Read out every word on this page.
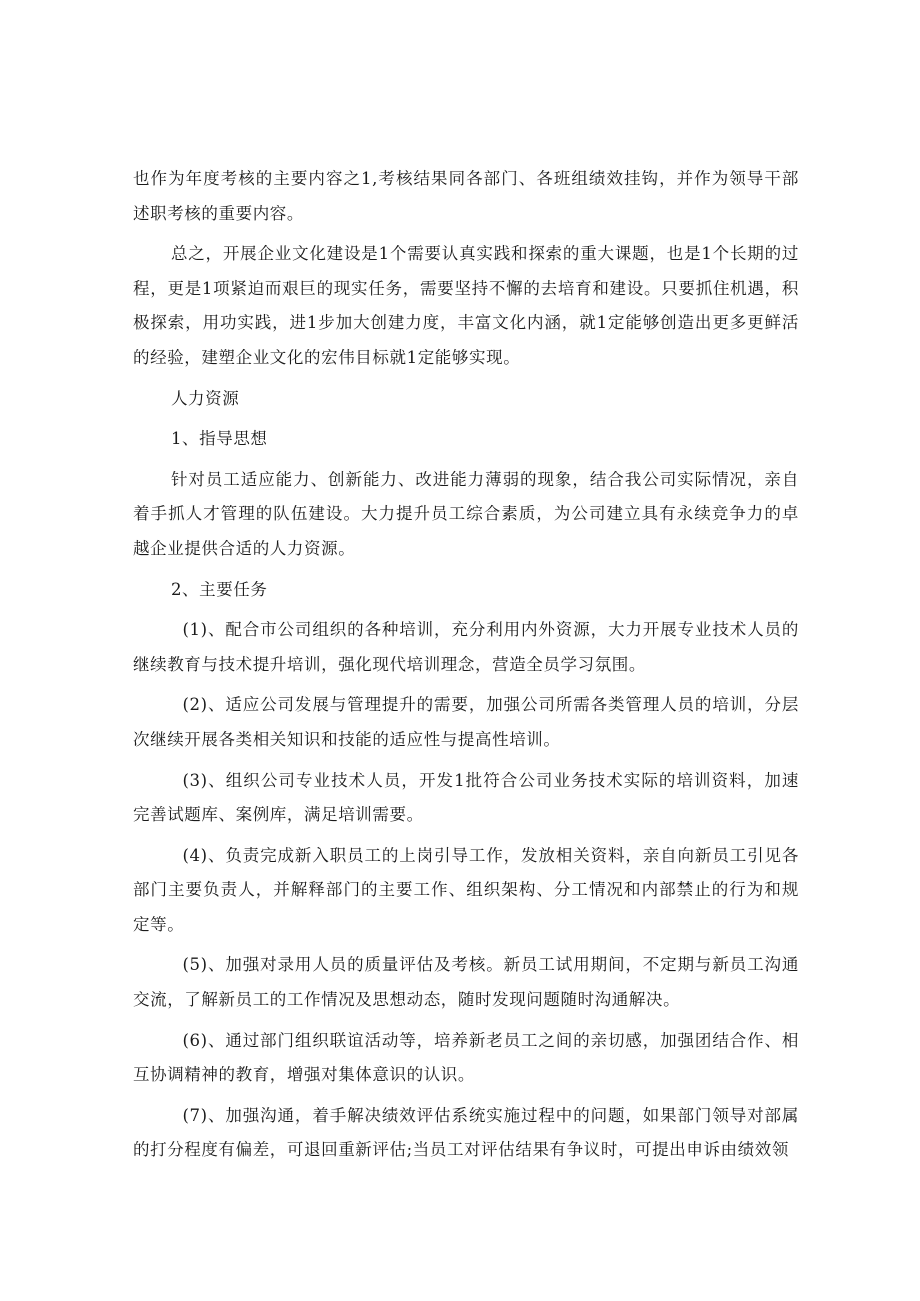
也作为年度考核的主要内容之1,考核结果同各部门、各班组绩效挂钩，并作为领导干部述职考核的重要内容。

总之，开展企业文化建设是1个需要认真实践和探索的重大课题，也是1个长期的过程，更是1项紧迫而艰巨的现实任务，需要坚持不懈的去培育和建设。只要抓住机遇，积极探索，用功实践，进1步加大创建力度，丰富文化内涵，就1定能够创造出更多更鲜活的经验，建塑企业文化的宏伟目标就1定能够实现。

人力资源

1、指导思想

针对员工适应能力、创新能力、改进能力薄弱的现象，结合我公司实际情况，亲自着手抓人才管理的队伍建设。大力提升员工综合素质，为公司建立具有永续竞争力的卓越企业提供合适的人力资源。

2、主要任务

(1)、配合市公司组织的各种培训，充分利用内外资源，大力开展专业技术人员的继续教育与技术提升培训，强化现代培训理念，营造全员学习氛围。

(2)、适应公司发展与管理提升的需要，加强公司所需各类管理人员的培训，分层次继续开展各类相关知识和技能的适应性与提高性培训。

(3)、组织公司专业技术人员，开发1批符合公司业务技术实际的培训资料，加速完善试题库、案例库，满足培训需要。

(4)、负责完成新入职员工的上岗引导工作，发放相关资料，亲自向新员工引见各部门主要负责人，并解释部门的主要工作、组织架构、分工情况和内部禁止的行为和规定等。

(5)、加强对录用人员的质量评估及考核。新员工试用期间，不定期与新员工沟通交流，了解新员工的工作情况及思想动态，随时发现问题随时沟通解决。

(6)、通过部门组织联谊活动等，培养新老员工之间的亲切感，加强团结合作、相互协调精神的教育，增强对集体意识的认识。

(7)、加强沟通，着手解决绩效评估系统实施过程中的问题，如果部门领导对部属的打分程度有偏差，可退回重新评估;当员工对评估结果有争议时，可提出申诉由绩效领
